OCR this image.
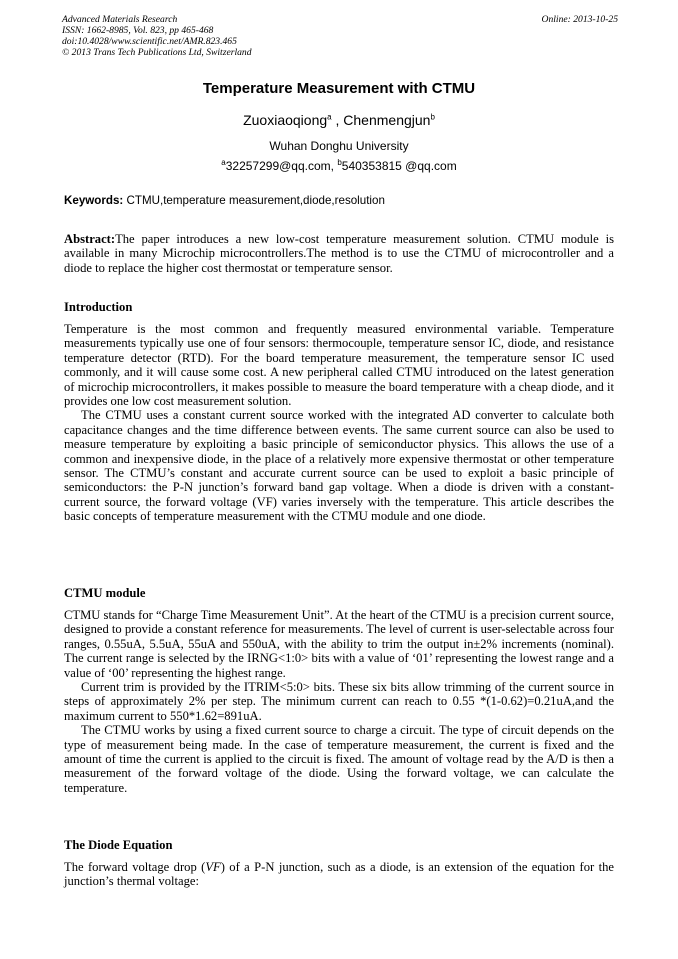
Advanced Materials Research
ISSN: 1662-8985, Vol. 823, pp 465-468
doi:10.4028/www.scientific.net/AMR.823.465
© 2013 Trans Tech Publications Ltd, Switzerland
Online: 2013-10-25
Temperature Measurement with CTMU
Zuoxiaoqiong$^a$ , Chenmengjun$^b$
Wuhan Donghu University
$^a$32257299@qq.com, $^b$540353815 @qq.com
Keywords: CTMU,temperature measurement,diode,resolution

Abstract:The paper introduces a new low-cost temperature measurement solution. CTMU module is available in many Microchip microcontrollers.The method is to use the CTMU of microcontroller and a diode to replace the higher cost thermostat or temperature sensor.

Introduction

Temperature is the most common and frequently measured environmental variable. Temperature measurements typically use one of four sensors: thermocouple, temperature sensor IC, diode, and resistance temperature detector (RTD). For the board temperature measurement, the temperature sensor IC used commonly, and it will cause some cost. A new peripheral called CTMU introduced on the latest generation of microchip microcontrollers, it makes possible to measure the board temperature with a cheap diode, and it provides one low cost measurement solution.

The CTMU uses a constant current source worked with the integrated AD converter to calculate both capacitance changes and the time difference between events. The same current source can also be used to measure temperature by exploiting a basic principle of semiconductor physics. This allows the use of a common and inexpensive diode, in the place of a relatively more expensive thermostat or other temperature sensor. The CTMU’s constant and accurate current source can be used to exploit a basic principle of semiconductors: the P-N junction’s forward band gap voltage. When a diode is driven with a constant-current source, the forward voltage (VF) varies inversely with the temperature. This article describes the basic concepts of temperature measurement with the CTMU module and one diode.

CTMU module

CTMU stands for “Charge Time Measurement Unit”. At the heart of the CTMU is a precision current source, designed to provide a constant reference for measurements. The level of current is user-selectable across four ranges, 0.55uA, 5.5uA, 55uA and 550uA, with the ability to trim the output in±2% increments (nominal). The current range is selected by the IRNG<1:0> bits with a value of ‘01’ representing the lowest range and a value of ‘00’ representing the highest range.

Current trim is provided by the ITRIM<5:0> bits. These six bits allow trimming of the current source in steps of approximately 2% per step. The minimum current can reach to 0.55 *(1-0.62)=0.21uA,and the maximum current to 550*1.62=891uA.

The CTMU works by using a fixed current source to charge a circuit. The type of circuit depends on the type of measurement being made. In the case of temperature measurement, the current is fixed and the amount of time the current is applied to the circuit is fixed. The amount of voltage read by the A/D is then a measurement of the forward voltage of the diode. Using the forward voltage, we can calculate the temperature.

The Diode Equation

The forward voltage drop (VF) of a P-N junction, such as a diode, is an extension of the equation for the junction’s thermal voltage:
